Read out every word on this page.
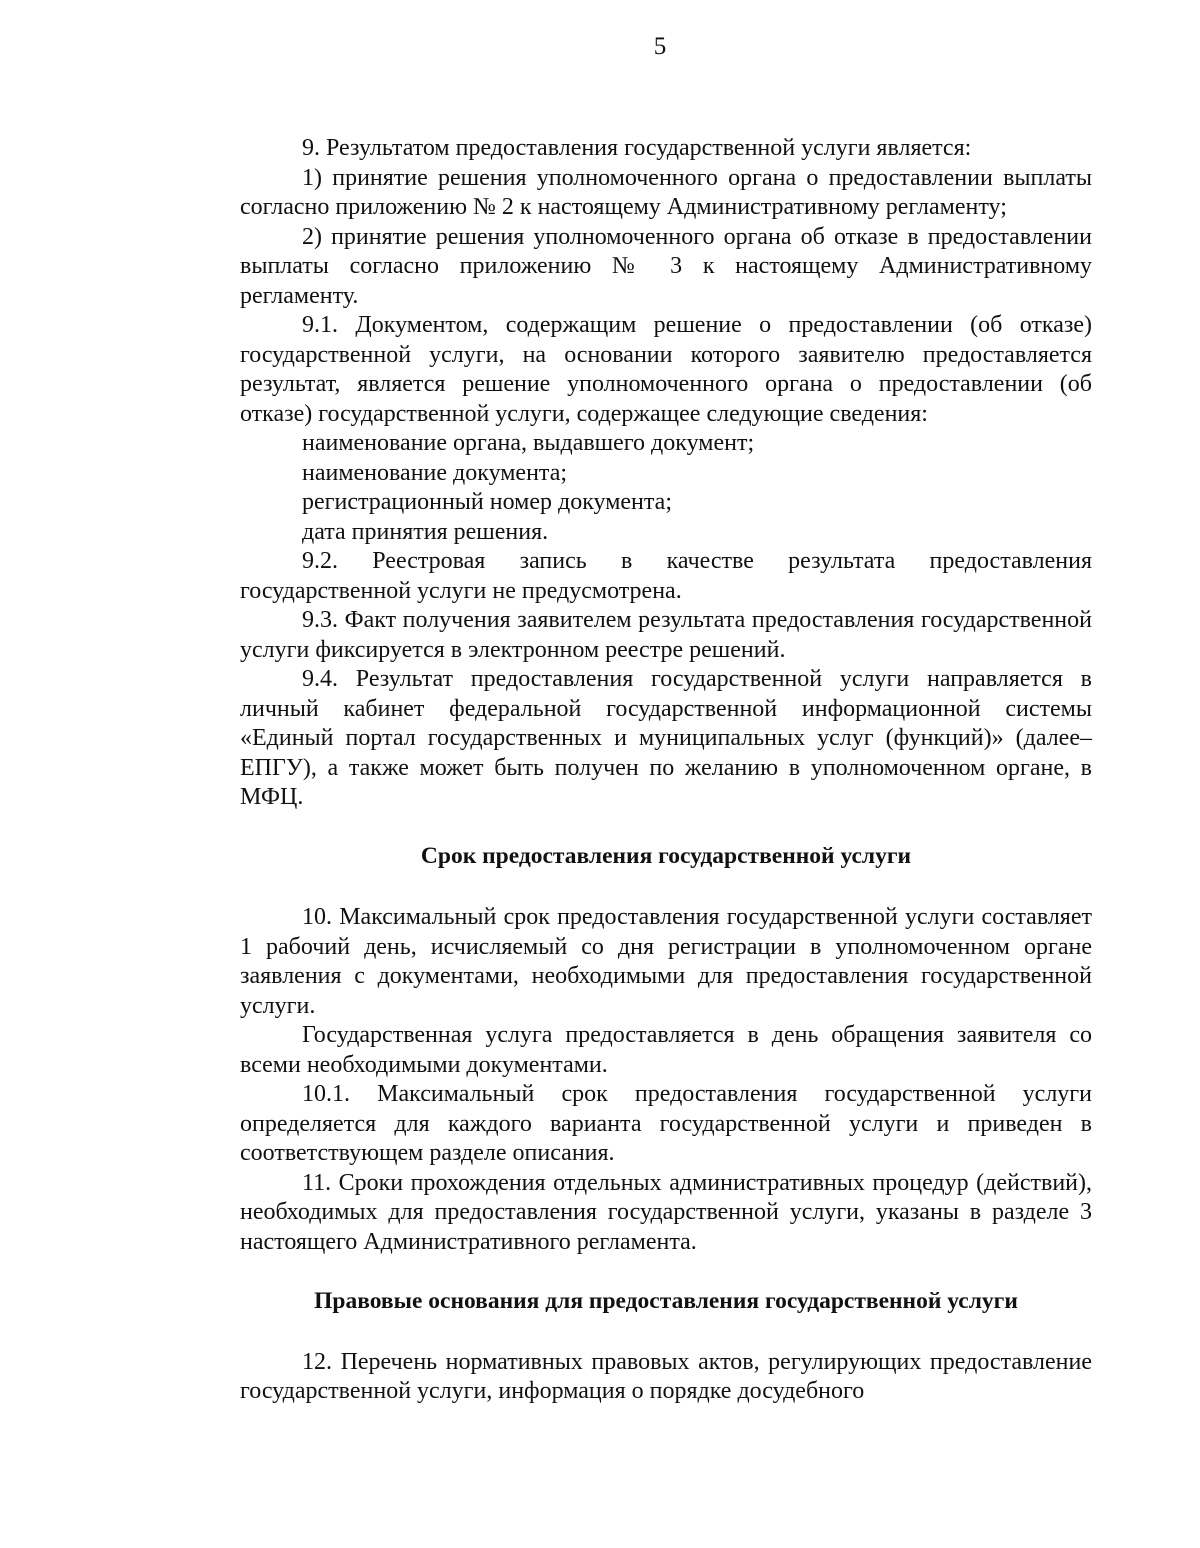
5

9. Результатом предоставления государственной услуги является:

1) принятие решения уполномоченного органа о предоставлении выплаты согласно приложению № 2 к настоящему Административному регламенту;

2) принятие решения уполномоченного органа об отказе в предоставлении выплаты согласно приложению № 3 к настоящему Административному регламенту.

9.1. Документом, содержащим решение о предоставлении (об отказе) государственной услуги, на основании которого заявителю предоставляется результат, является решение уполномоченного органа о предоставлении (об отказе) государственной услуги, содержащее следующие сведения:

наименование органа, выдавшего документ;

наименование документа;

регистрационный номер документа;

дата принятия решения.

9.2. Реестровая запись в качестве результата предоставления государственной услуги не предусмотрена.

9.3. Факт получения заявителем результата предоставления государственной услуги фиксируется в электронном реестре решений.

9.4. Результат предоставления государственной услуги направляется в личный кабинет федеральной государственной информационной системы «Единый портал государственных и муниципальных услуг (функций)» (далее–ЕПГУ), а также может быть получен по желанию в уполномоченном органе, в МФЦ.

Срок предоставления государственной услуги

10. Максимальный срок предоставления государственной услуги составляет 1 рабочий день, исчисляемый со дня регистрации в уполномоченном органе заявления с документами, необходимыми для предоставления государственной услуги.

Государственная услуга предоставляется в день обращения заявителя со всеми необходимыми документами.

10.1. Максимальный срок предоставления государственной услуги определяется для каждого варианта государственной услуги и приведен в соответствующем разделе описания.

11. Сроки прохождения отдельных административных процедур (действий), необходимых для предоставления государственной услуги, указаны в разделе 3 настоящего Административного регламента.

Правовые основания для предоставления государственной услуги

12. Перечень нормативных правовых актов, регулирующих предоставление государственной услуги, информация о порядке досудебного
